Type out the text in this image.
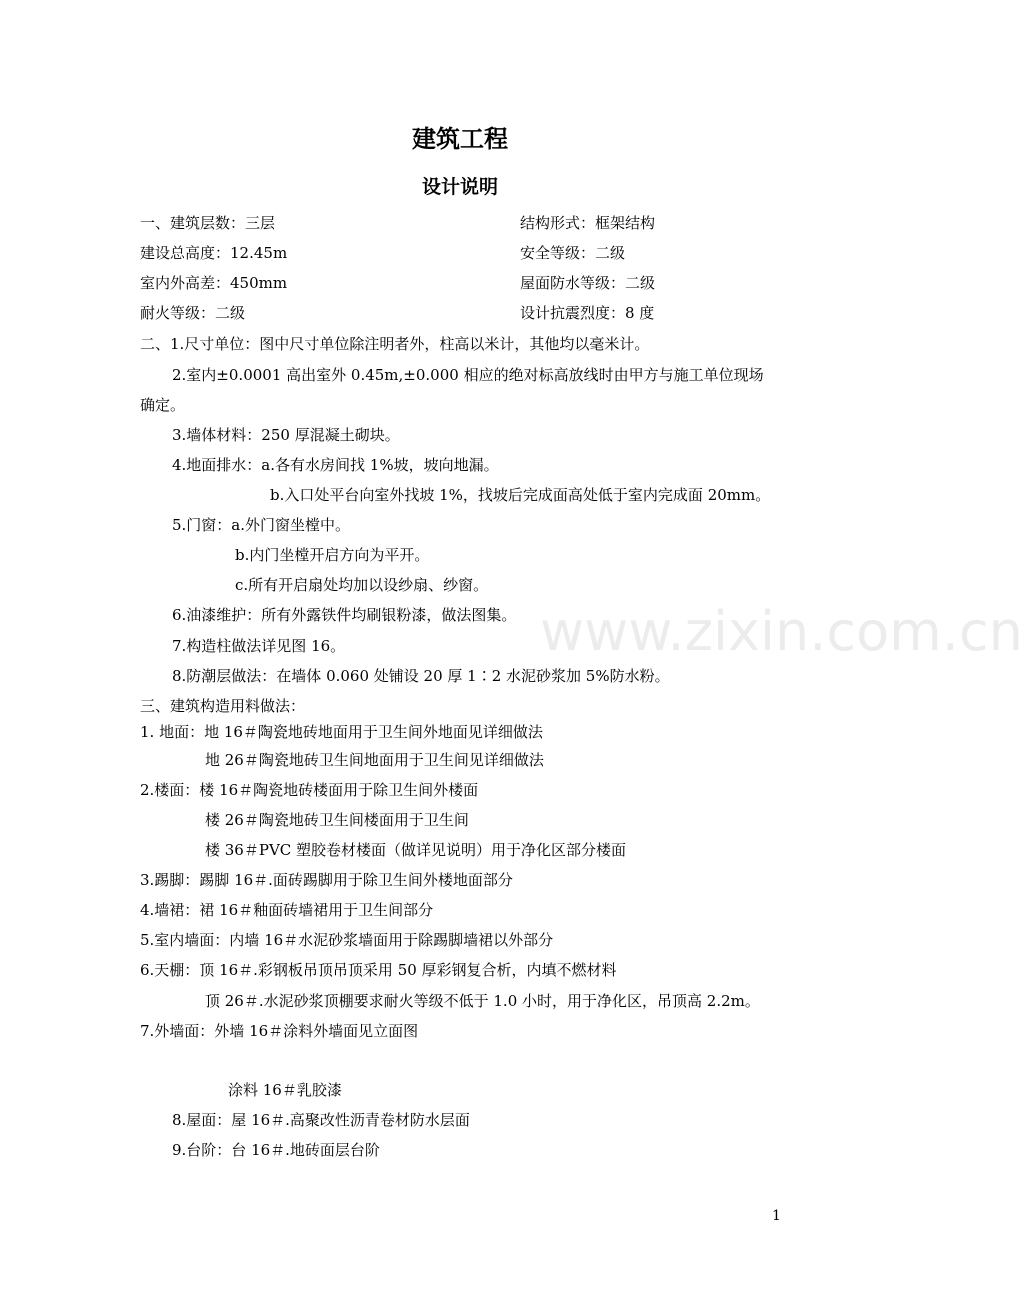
建筑工程
设计说明
一、建筑层数：三层	结构形式：框架结构
建设总高度：12.45m	安全等级：二级
室内外高差：450mm	屋面防水等级：二级
耐火等级：二级	设计抗震烈度：8 度
二、1.尺寸单位：图中尺寸单位除注明者外，柱高以米计，其他均以毫米计。
2.室内±0.0001 高出室外 0.45m,±0.000 相应的绝对标高放线时由甲方与施工单位现场
确定。
3.墙体材料：250 厚混凝土砌块。
4.地面排水：a.各有水房间找 1%坡，坡向地漏。
b.入口处平台向室外找坡 1%，找坡后完成面高处低于室内完成面 20mm。
5.门窗：a.外门窗坐樘中。
b.内门坐樘开启方向为平开。
c.所有开启扇处均加以设纱扇、纱窗。
6.油漆维护：所有外露铁件均刷银粉漆，做法图集。
7.构造柱做法详见图 16。
8.防潮层做法：在墙体 0.060 处铺设 20 厚 1∶2 水泥砂浆加 5%防水粉。
三、建筑构造用料做法：
1. 地面：地 16＃陶瓷地砖地面用于卫生间外地面见详细做法
地 26＃陶瓷地砖卫生间地面用于卫生间见详细做法
2.楼面：楼 16＃陶瓷地砖楼面用于除卫生间外楼面
楼 26＃陶瓷地砖卫生间楼面用于卫生间
楼 36＃PVC 塑胶卷材楼面（做详见说明）用于净化区部分楼面
3.踢脚：踢脚 16＃.面砖踢脚用于除卫生间外楼地面部分
4.墙裙：裙 16＃釉面砖墙裙用于卫生间部分
5.室内墙面：内墙 16＃水泥砂浆墙面用于除踢脚墙裙以外部分
6.天棚：顶 16＃.彩钢板吊顶吊顶采用 50 厚彩钢复合析，内填不燃材料
顶 26＃.水泥砂浆顶棚要求耐火等级不低于 1.0 小时，用于净化区，吊顶高 2.2m。
7.外墙面：外墙 16＃涂料外墙面见立面图
涂料 16＃乳胶漆
8.屋面：屋 16＃.高聚改性沥青卷材防水层面
9.台阶：台 16＃.地砖面层台阶
www.zixin.com.cn
1
